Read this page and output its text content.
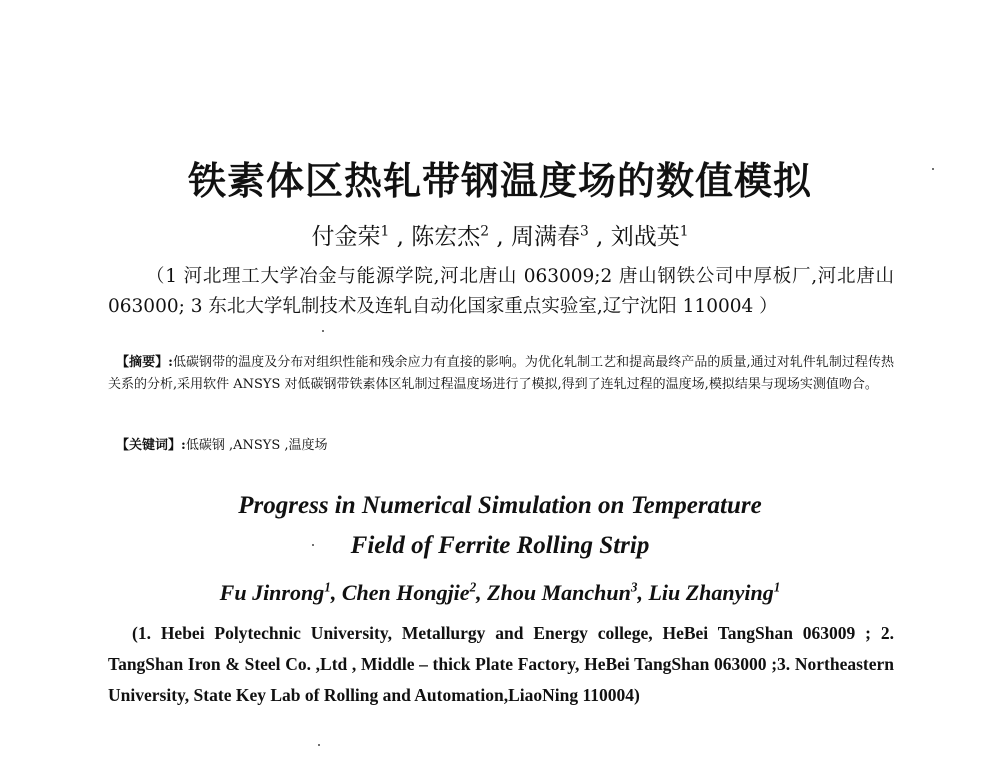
铁素体区热轧带钢温度场的数值模拟
付金荣$^1$ , 陈宏杰$^2$ , 周满春$^3$ , 刘战英$^1$
（1 河北理工大学冶金与能源学院,河北唐山 063009;2 唐山钢铁公司中厚板厂,河北唐山 063000; 3 东北大学轧制技术及连轧自动化国家重点实验室,辽宁沈阳 110004 ）
【摘要】:低碳钢带的温度及分布对组织性能和残余应力有直接的影响。为优化轧制工艺和提高最终产品的质量,通过对轧件轧制过程传热关系的分析,采用软件 ANSYS 对低碳钢带铁素体区轧制过程温度场进行了模拟,得到了连轧过程的温度场,模拟结果与现场实测值吻合。
【关键词】:低碳钢 ,ANSYS ,温度场
Progress in Numerical Simulation on Temperature
Field of Ferrite Rolling Strip
Fu Jinrong$^1$, Chen Hongjie$^2$, Zhou Manchun$^3$, Liu Zhanying$^1$
(1. Hebei Polytechnic University, Metallurgy and Energy college, HeBei TangShan 063009 ; 2. TangShan Iron & Steel Co. ,Ltd , Middle – thick Plate Factory, HeBei TangShan 063000 ;3. Northeastern University, State Key Lab of Rolling and Automation,LiaoNing 110004)
